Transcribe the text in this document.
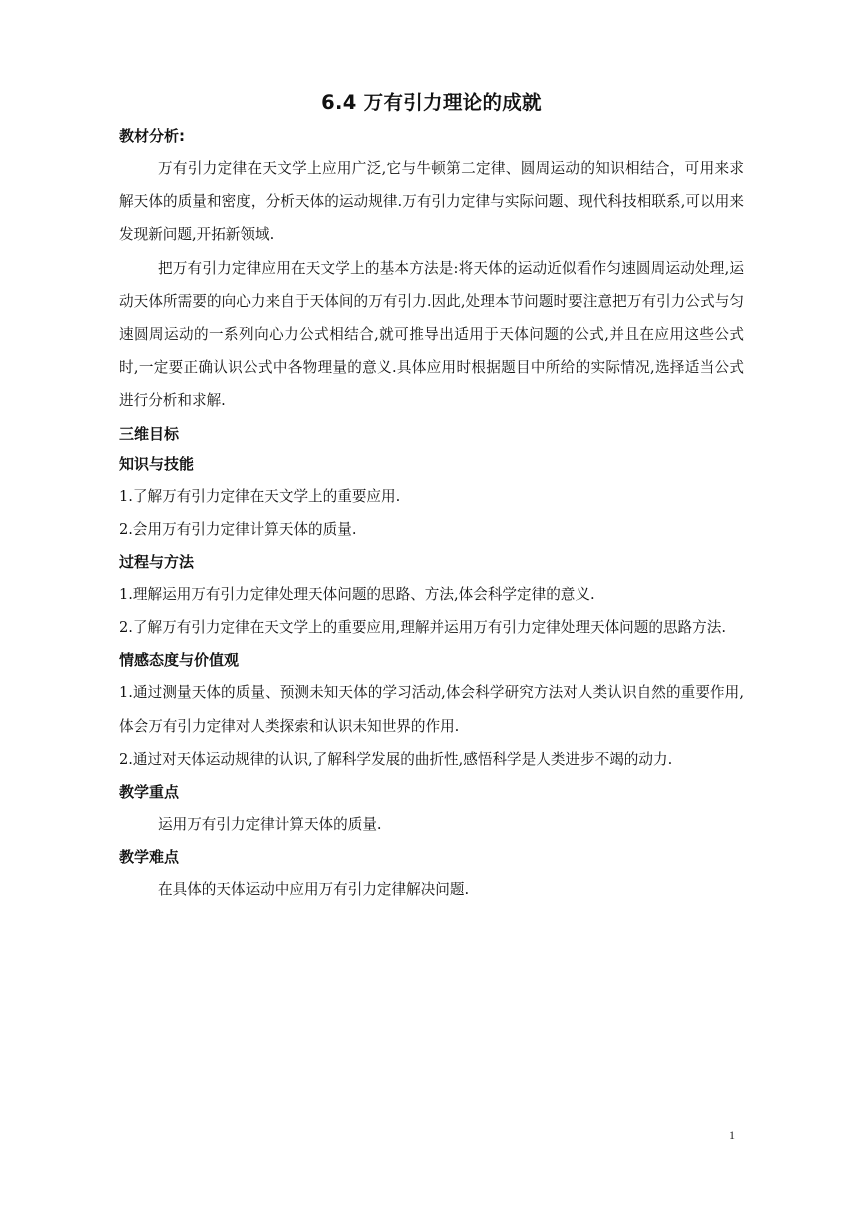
6.4 万有引力理论的成就

教材分析:

万有引力定律在天文学上应用广泛,它与牛顿第二定律、圆周运动的知识相结合，可用来求解天体的质量和密度，分析天体的运动规律.万有引力定律与实际问题、现代科技相联系,可以用来发现新问题,开拓新领域.

把万有引力定律应用在天文学上的基本方法是:将天体的运动近似看作匀速圆周运动处理,运动天体所需要的向心力来自于天体间的万有引力.因此,处理本节问题时要注意把万有引力公式与匀速圆周运动的一系列向心力公式相结合,就可推导出适用于天体问题的公式,并且在应用这些公式时,一定要正确认识公式中各物理量的意义.具体应用时根据题目中所给的实际情况,选择适当公式进行分析和求解.

三维目标

知识与技能

1.了解万有引力定律在天文学上的重要应用.

2.会用万有引力定律计算天体的质量.

过程与方法

1.理解运用万有引力定律处理天体问题的思路、方法,体会科学定律的意义.

2.了解万有引力定律在天文学上的重要应用,理解并运用万有引力定律处理天体问题的思路方法.

情感态度与价值观

1.通过测量天体的质量、预测未知天体的学习活动,体会科学研究方法对人类认识自然的重要作用,体会万有引力定律对人类探索和认识未知世界的作用.

2.通过对天体运动规律的认识,了解科学发展的曲折性,感悟科学是人类进步不竭的动力.

教学重点

运用万有引力定律计算天体的质量.

教学难点

在具体的天体运动中应用万有引力定律解决问题.

1
